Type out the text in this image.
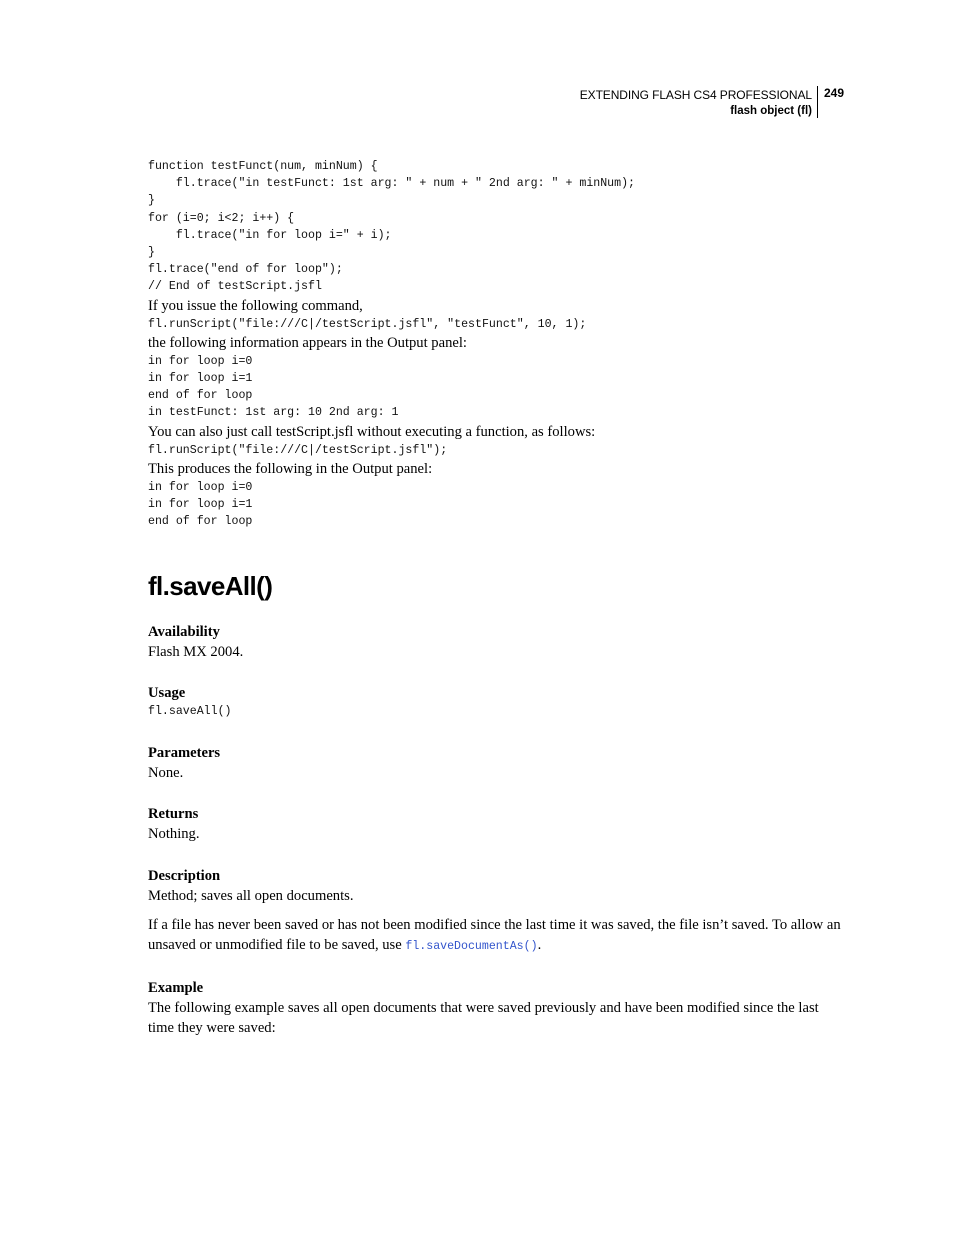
EXTENDING FLASH CS4 PROFESSIONAL
flash object (fl)
249
function testFunct(num, minNum) {
fl.trace("in testFunct: 1st arg: " + num + " 2nd arg: " + minNum);
}
for (i=0; i<2; i++) {
fl.trace("in for loop i=" + i);
}
fl.trace("end of for loop");
// End of testScript.jsfl

If you issue the following command,

fl.runScript("file:///C|/testScript.jsfl", "testFunct", 10, 1);

the following information appears in the Output panel:

in for loop i=0
in for loop i=1
end of for loop
in testFunct: 1st arg: 10 2nd arg: 1

You can also just call testScript.jsfl without executing a function, as follows:

fl.runScript("file:///C|/testScript.jsfl");

This produces the following in the Output panel:

in for loop i=0
in for loop i=1
end of for loop
fl.saveAll()

Availability

Flash MX 2004.

Usage

fl.saveAll()

Parameters

None.

Returns

Nothing.

Description

Method; saves all open documents.

If a file has never been saved or has not been modified since the last time it was saved, the file isn’t saved. To allow an unsaved or unmodified file to be saved, use fl.saveDocumentAs().

Example

The following example saves all open documents that were saved previously and have been modified since the last time they were saved:
